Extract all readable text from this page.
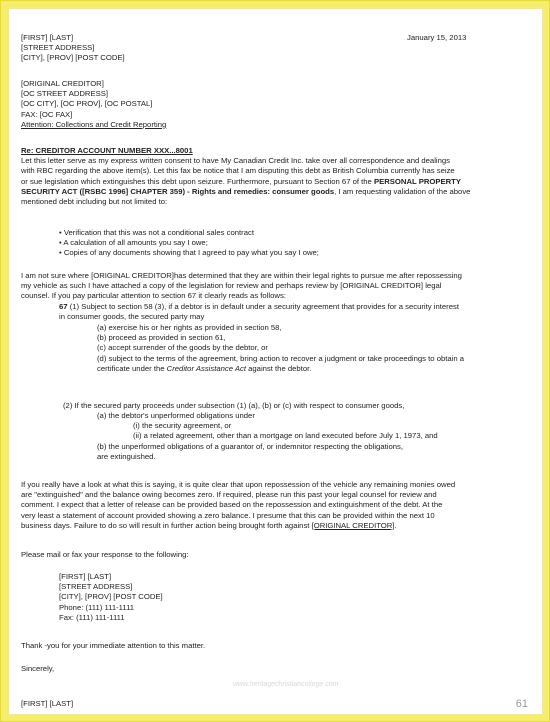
January 15, 2013
[FIRST] [LAST]
[STREET ADDRESS]
[CITY], [PROV] [POST CODE]
[ORIGINAL CREDITOR]
[OC STREET ADDRESS]
[OC CITY], [OC PROV], [OC POSTAL]
FAX: [OC FAX]
Attention: Collections and Credit Reporting
Re: CREDITOR ACCOUNT NUMBER XXX...8001
Let this letter serve as my express written consent to have My Canadian Credit Inc. take over all correspondence and dealings
with RBC regarding the above item(s). Let this fax be notice that I am disputing this debt as British Columbia currently has seize
or sue legislation which extinguishes this debt upon seizure. Furthermore, pursuant to Section 67 of the PERSONAL PROPERTY
SECURITY ACT ([RSBC 1996] CHAPTER 359) - Rights and remedies: consumer goods, I am requesting validation of the above
mentioned debt including but not limited to:
• Verification that this was not a conditional sales contract
• A calculation of all amounts you say I owe;
• Copies of any documents showing that I agreed to pay what you say I owe;
I am not sure where [ORIGINAL CREDITOR]has determined that they are within their legal rights to pursue me after repossessing
my vehicle as such I have attached a copy of the legislation for review and perhaps review by [ORIGINAL CREDITOR] legal
counsel. If you pay particular attention to section 67 it clearly reads as follows:
67 (1) Subject to section 58 (3), if a debtor is in default under a security agreement that provides for a security interest
in consumer goods, the secured party may
(a) exercise his or her rights as provided in section 58,
(b) proceed as provided in section 61,
(c) accept surrender of the goods by the debtor, or
(d) subject to the terms of the agreement, bring action to recover a judgment or take proceedings to obtain a
certificate under the Creditor Assistance Act against the debtor.
(2) If the secured party proceeds under subsection (1) (a), (b) or (c) with respect to consumer goods,
(a) the debtor's unperformed obligations under
(i) the security agreement, or
(ii) a related agreement, other than a mortgage on land executed before July 1, 1973, and
(b) the unperformed obligations of a guarantor of, or indemnitor respecting the obligations,
are extinguished.
If you really have a look at what this is saying, it is quite clear that upon repossession of the vehicle any remaining monies owed
are "extinguished" and the balance owing becomes zero. If required, please run this past your legal counsel for review and
comment. I expect that a letter of release can be provided based on the repossession and extinguishment of the debt. At the
very least a statement of account provided showing a zero balance. I presume that this can be provided within the next 10
business days. Failure to do so will result in further action being brought forth against [ORIGINAL CREDITOR].
Please mail or fax your response to the following:
[FIRST] [LAST]
[STREET ADDRESS]
[CITY], [PROV] [POST CODE]
Phone: (111) 111-1111
Fax: (111) 111-1111
Thank -you for your immediate attention to this matter.
Sincerely,
www.heritagechristiancollege.com
[FIRST] [LAST]	61
